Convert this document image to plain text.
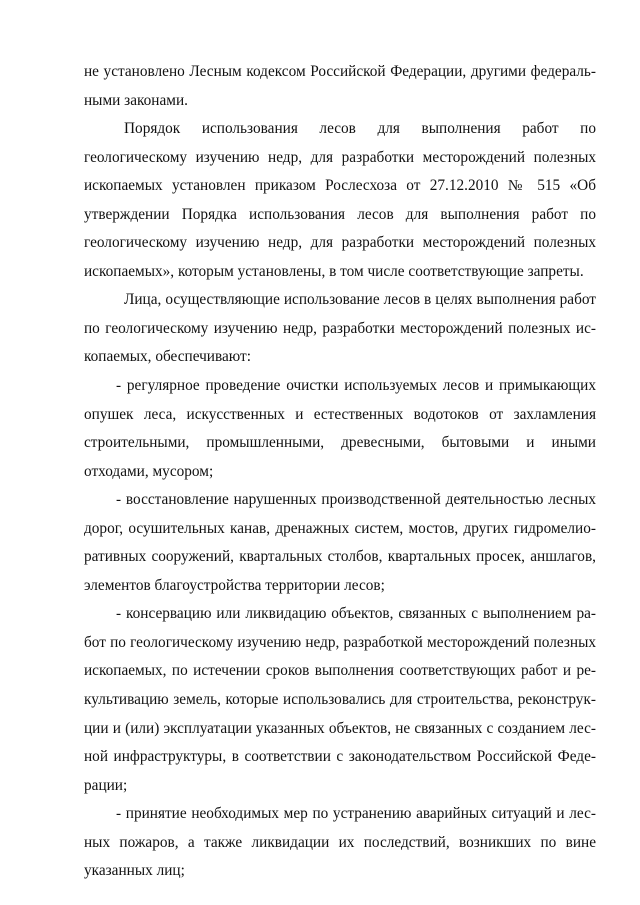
не установлено Лесным кодексом Российской Федерации, другими федеральными законами.

Порядок использования лесов для выполнения работ по геологическому изучению недр, для разработки месторождений полезных ископаемых установлен приказом Рослесхоза от 27.12.2010 № 515 «Об утверждении Порядка использования лесов для выполнения работ по геологическому изучению недр, для разработки месторождений полезных ископаемых», которым установлены, в том числе соответствующие запреты.

Лица, осуществляющие использование лесов в целях выполнения работ по геологическому изучению недр, разработки месторождений полезных ископаемых, обеспечивают:

- регулярное проведение очистки используемых лесов и примыкающих опушек леса, искусственных и естественных водотоков от захламления строительными, промышленными, древесными, бытовыми и иными отходами, мусором;

- восстановление нарушенных производственной деятельностью лесных дорог, осушительных канав, дренажных систем, мостов, других гидромелиоративных сооружений, квартальных столбов, квартальных просек, аншлагов, элементов благоустройства территории лесов;

- консервацию или ликвидацию объектов, связанных с выполнением работ по геологическому изучению недр, разработкой месторождений полезных ископаемых, по истечении сроков выполнения соответствующих работ и рекультивацию земель, которые использовались для строительства, реконструкции и (или) эксплуатации указанных объектов, не связанных с созданием лесной инфраструктуры, в соответствии с законодательством Российской Федерации;

- принятие необходимых мер по устранению аварийных ситуаций и лесных пожаров, а также ликвидации их последствий, возникших по вине указанных лиц;
